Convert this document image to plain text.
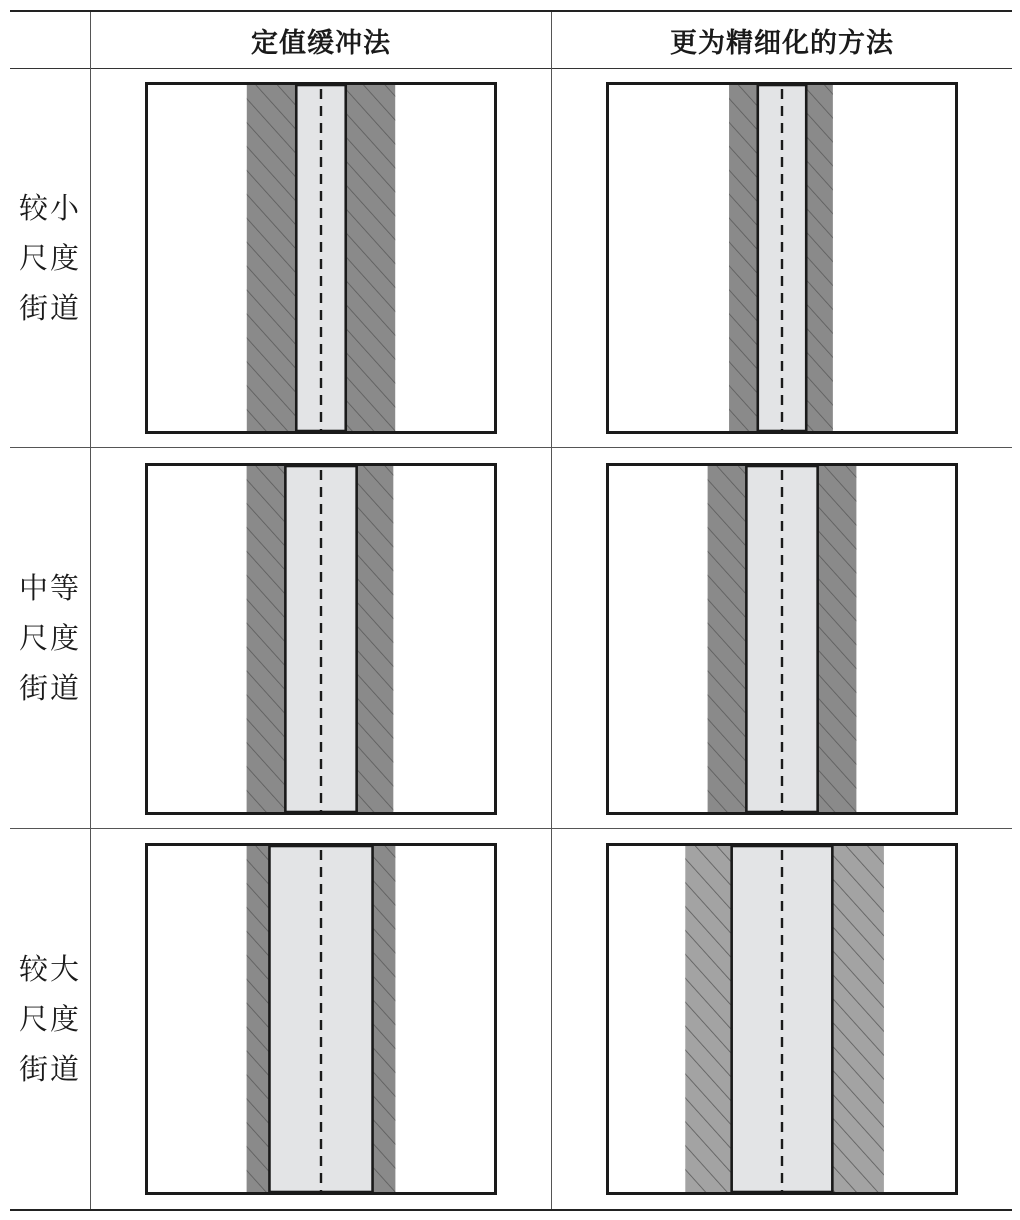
定值缓冲法	更为精细化的方法
较小
尺度
街道
中等
尺度
街道
较大
尺度
街道
